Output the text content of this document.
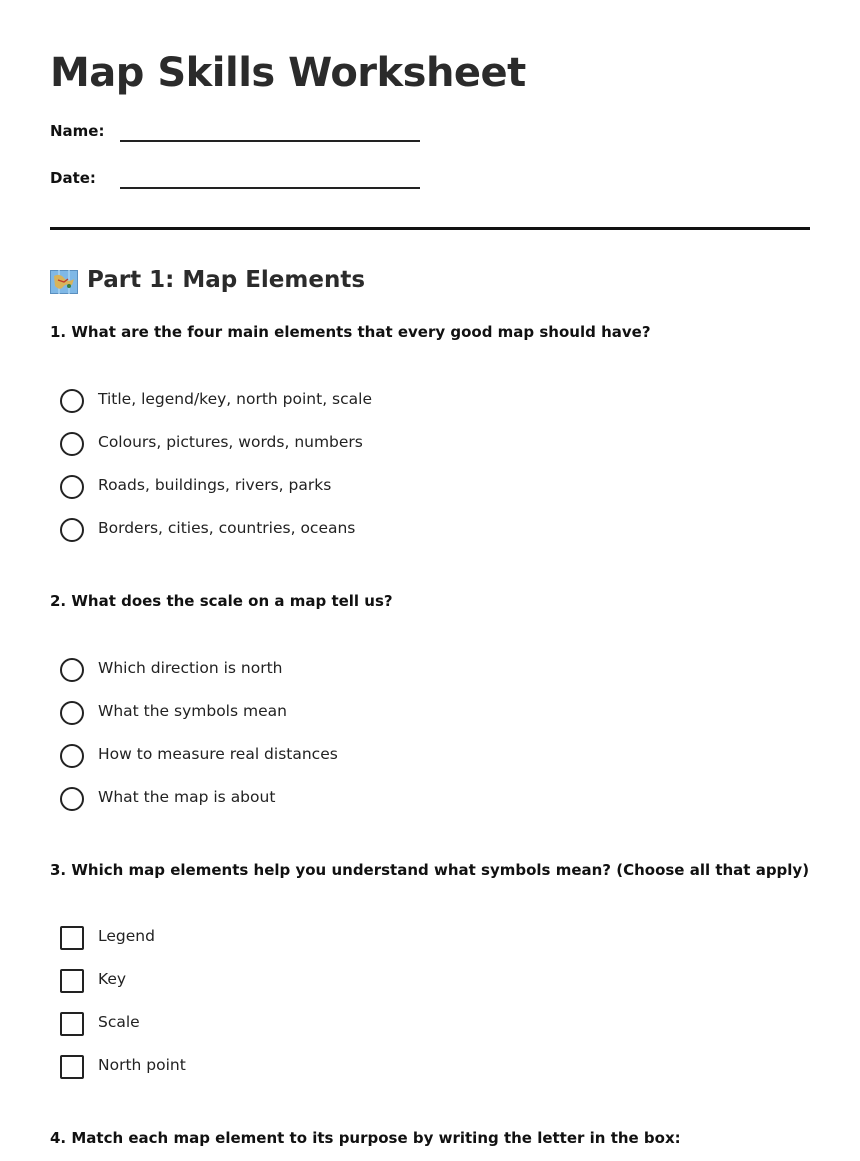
Map Skills Worksheet
Name:
Date:
Part 1: Map Elements

1. What are the four main elements that every good map should have?

Title, legend/key, north point, scale
Colours, pictures, words, numbers
Roads, buildings, rivers, parks
Borders, cities, countries, oceans

2. What does the scale on a map tell us?

Which direction is north
What the symbols mean
How to measure real distances
What the map is about

3. Which map elements help you understand what symbols mean? (Choose all that apply)

Legend
Key
Scale
North point

4. Match each map element to its purpose by writing the letter in the box:
